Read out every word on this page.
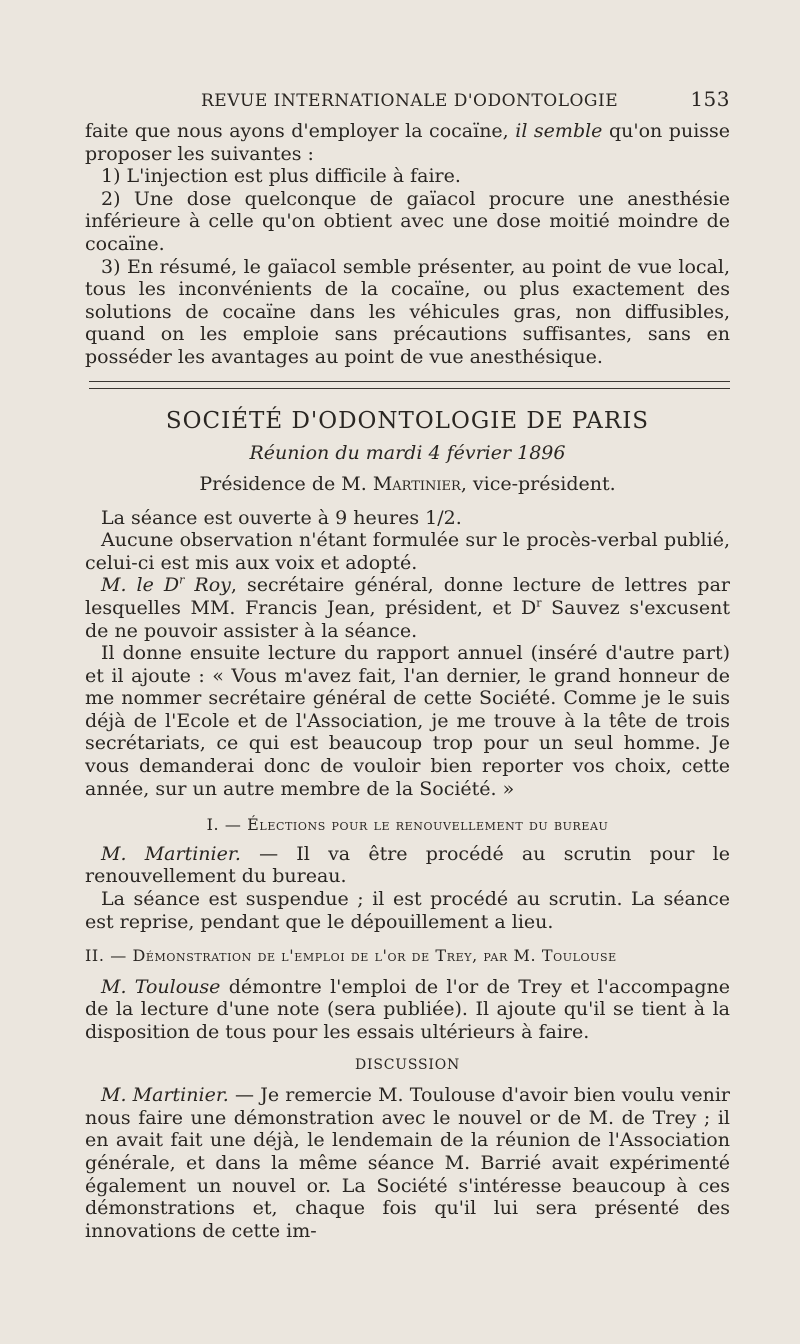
REVUE INTERNATIONALE D'ODONTOLOGIE	153

faite que nous ayons d'employer la cocaïne, il semble qu'on puisse proposer les suivantes :

1) L'injection est plus difficile à faire.

2) Une dose quelconque de gaïacol procure une anesthésie inférieure à celle qu'on obtient avec une dose moitié moindre de cocaïne.

3) En résumé, le gaïacol semble présenter, au point de vue local, tous les inconvénients de la cocaïne, ou plus exactement des solutions de cocaïne dans les véhicules gras, non diffusibles, quand on les emploie sans précautions suffisantes, sans en posséder les avantages au point de vue anesthésique.

SOCIÉTÉ D'ODONTOLOGIE DE PARIS
Réunion du mardi 4 février 1896
Présidence de M. Martinier, vice-président.

La séance est ouverte à 9 heures 1/2.

Aucune observation n'étant formulée sur le procès-verbal publié, celui-ci est mis aux voix et adopté.

M. le $D^r$ Roy, secrétaire général, donne lecture de lettres par lesquelles MM. Francis Jean, président, et $D^r$ Sauvez s'excusent de ne pouvoir assister à la séance.

Il donne ensuite lecture du rapport annuel (inséré d'autre part) et il ajoute : « Vous m'avez fait, l'an dernier, le grand honneur de me nommer secrétaire général de cette Société. Comme je le suis déjà de l'Ecole et de l'Association, je me trouve à la tête de trois secrétariats, ce qui est beaucoup trop pour un seul homme. Je vous demanderai donc de vouloir bien reporter vos choix, cette année, sur un autre membre de la Société. »

I. — Élections pour le renouvellement du bureau

M. Martinier. — Il va être procédé au scrutin pour le renouvellement du bureau.

La séance est suspendue ; il est procédé au scrutin. La séance est reprise, pendant que le dépouillement a lieu.

II. — Démonstration de l'emploi de l'or de Trey, par M. Toulouse

M. Toulouse démontre l'emploi de l'or de Trey et l'accompagne de la lecture d'une note (sera publiée). Il ajoute qu'il se tient à la disposition de tous pour les essais ultérieurs à faire.

DISCUSSION

M. Martinier. — Je remercie M. Toulouse d'avoir bien voulu venir nous faire une démonstration avec le nouvel or de M. de Trey ; il en avait fait une déjà, le lendemain de la réunion de l'Association générale, et dans la même séance M. Barrié avait expérimenté également un nouvel or. La Société s'intéresse beaucoup à ces démonstrations et, chaque fois qu'il lui sera présenté des innovations de cette im-
